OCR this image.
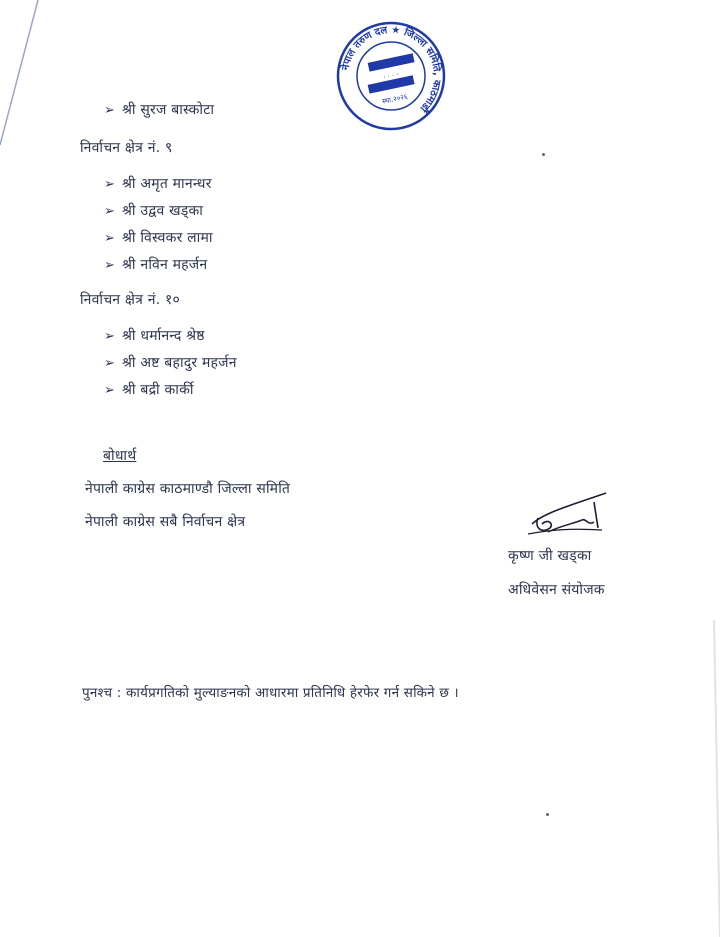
नेपाल तरुण दल ★ जिल्ला समिति, काठमाडौं
· · · ·
स्था.२०२६
➢ श्री सुरज बास्कोटा
निर्वाचन क्षेत्र नं. ९
➢ श्री अमृत मानन्धर
➢ श्री उद्वव खड्का
➢ श्री विस्वकर लामा
➢ श्री नविन महर्जन
निर्वाचन क्षेत्र नं. १०
➢ श्री धर्मानन्द श्रेष्ठ
➢ श्री अष्ट बहादुर महर्जन
➢ श्री बद्री कार्की
बोधार्थ
नेपाली काग्रेस काठमाण्डौ जिल्ला समिति
नेपाली काग्रेस सबै निर्वाचन क्षेत्र
कृष्ण जी खड्का
अधिवेसन संयोजक
पुनश्च : कार्यप्रगतिको मुल्याङनको आधारमा प्रतिनिधि हेरफेर गर्न सकिने छ ।
